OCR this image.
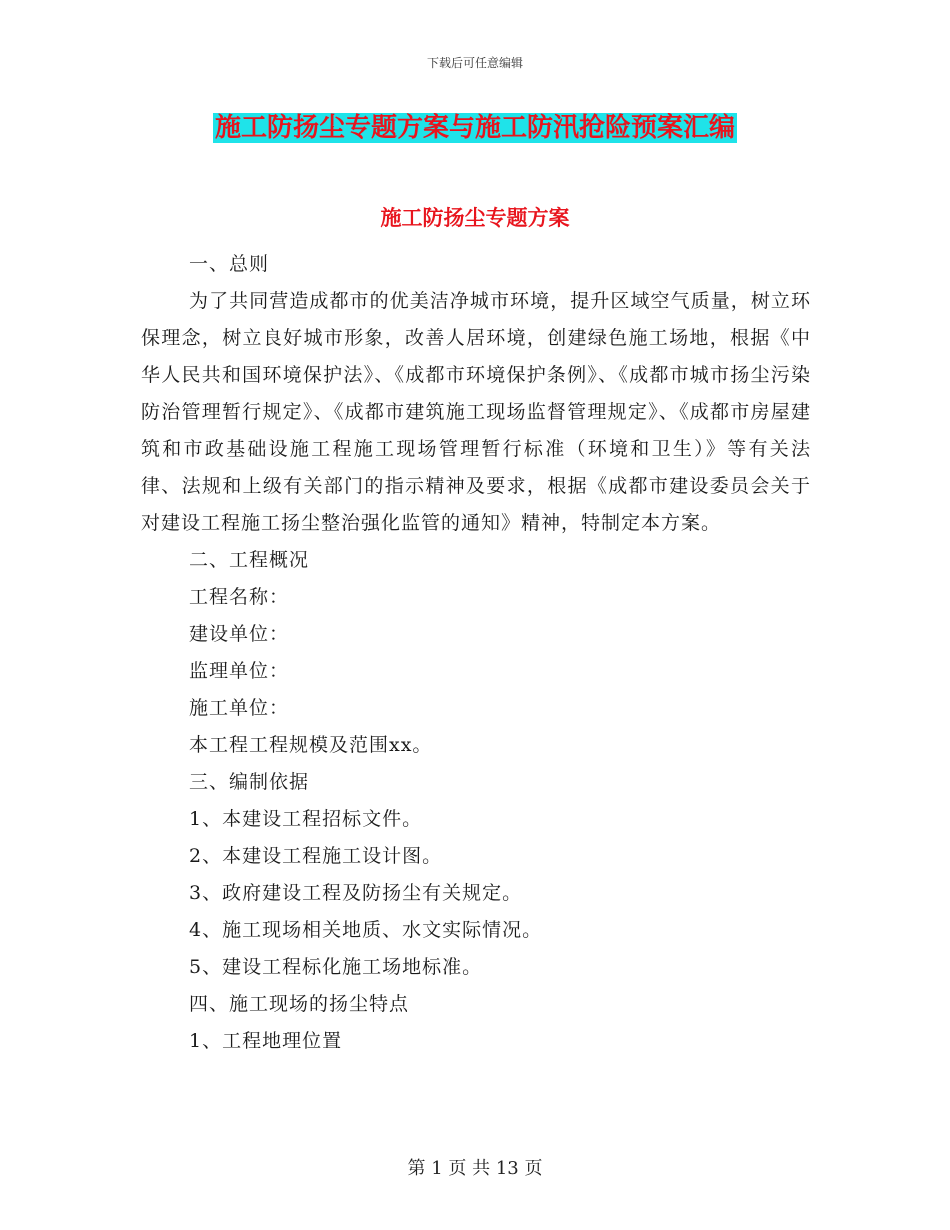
下载后可任意编辑
施工防扬尘专题方案与施工防汛抢险预案汇编
施工防扬尘专题方案

一、总则

为了共同营造成都市的优美洁净城市环境，提升区域空气质量，树立环保理念，树立良好城市形象，改善人居环境，创建绿色施工场地，根据《中华人民共和国环境保护法》、《成都市环境保护条例》、《成都市城市扬尘污染防治管理暂行规定》、《成都市建筑施工现场监督管理规定》、《成都市房屋建筑和市政基础设施工程施工现场管理暂行标准（环境和卫生）》等有关法律、法规和上级有关部门的指示精神及要求，根据《成都市建设委员会关于对建设工程施工扬尘整治强化监管的通知》精神，特制定本方案。

二、工程概况

工程名称：

建设单位：

监理单位：

施工单位：

本工程工程规模及范围xx。

三、编制依据

1、本建设工程招标文件。

2、本建设工程施工设计图。

3、政府建设工程及防扬尘有关规定。

4、施工现场相关地质、水文实际情况。

5、建设工程标化施工场地标准。

四、施工现场的扬尘特点

1、工程地理位置

第 1 页 共 13 页
